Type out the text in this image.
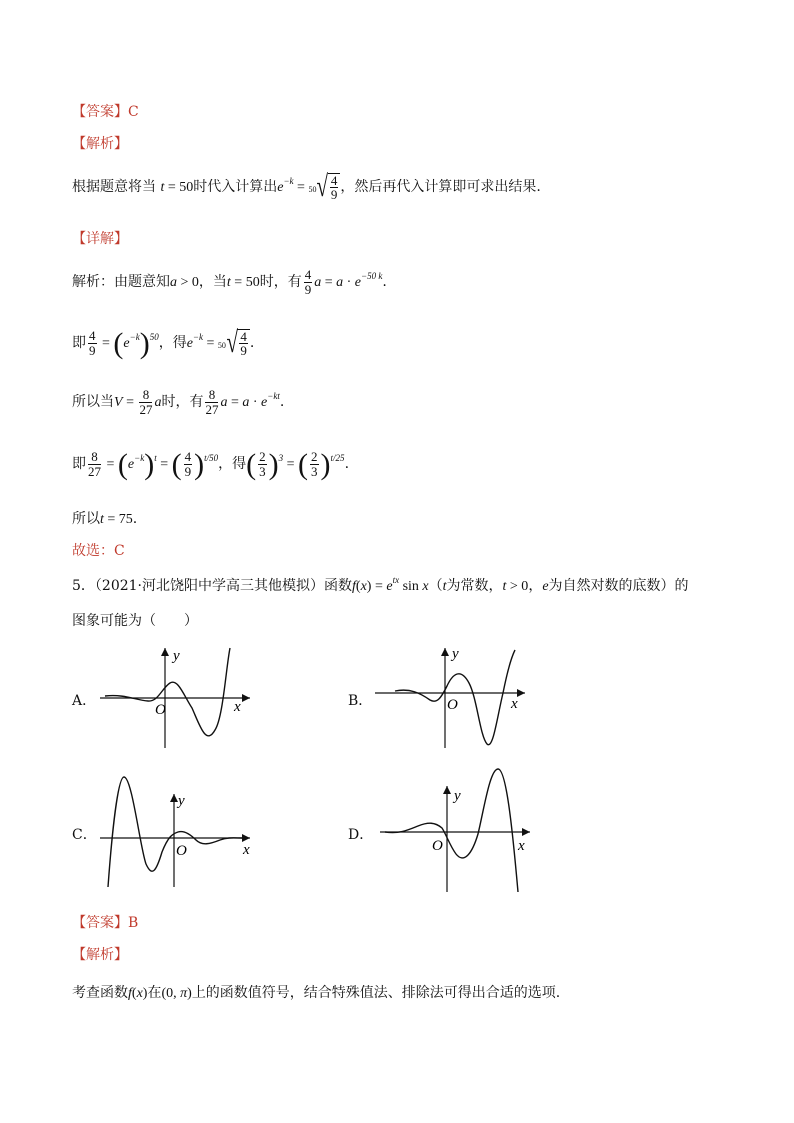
【答案】C
【解析】
根据题意将当 t = 50时代入计算出$e^{-k} = 50$ √ $\frac{4}{9}$ ，然后再代入计算即可求出结果.
【详解】
解析：由题意知a > 0，当t = 50时，有 $\frac{4}{9}$ $a = a \cdot e^{-50 k}$.
即 $\frac{4}{9} = (e^{-k})^{50}$，得$e^{-k} = 50$ √ $\frac{4}{9}$ .
所以当$V = \frac{8}{27}$ a时，有 $\frac{8}{27}$ $a = a \cdot e^{-kt}$.
即 $\frac{8}{27} = (e^{-k})^t$ = ( $\frac{4}{9} )^{t/50}$，得( $\frac{2}{3} )^3$ = ( $\frac{2}{3} )^{t/25}$.
所以t = 75.
故选：C
5．（2021·河北饶阳中学高三其他模拟）函数$f(x) = e^{tx}$ sin x（t为常数，t > 0，e为自然对数的底数）的
图象可能为（　　）
A．
y
x
O
B．
y
x
O
C．
y
x
O
D．
y
x
O
【答案】B
【解析】
考查函数f(x)在(0, π)上的函数值符号，结合特殊值法、排除法可得出合适的选项.
